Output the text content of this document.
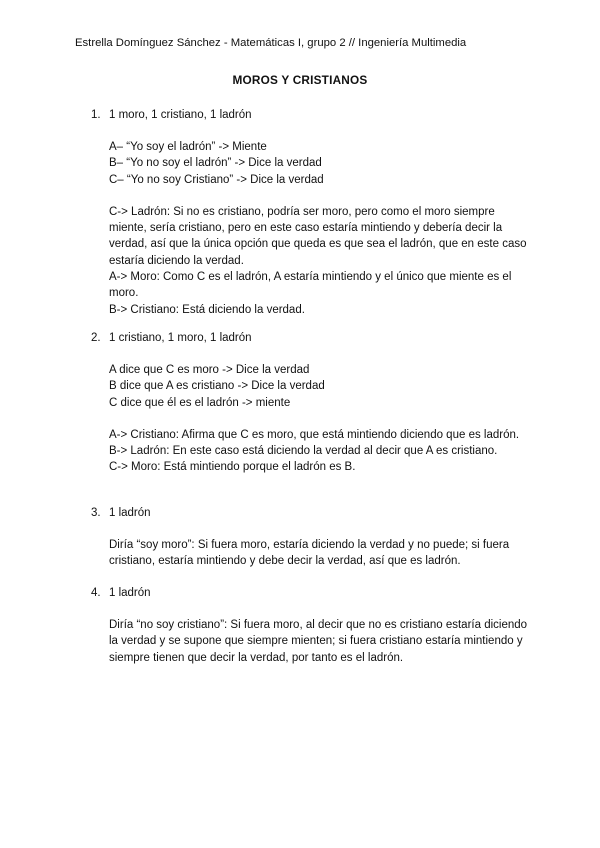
Estrella Domínguez Sánchez - Matemáticas I, grupo 2 // Ingeniería Multimedia
MOROS Y CRISTIANOS
1. 1 moro, 1 cristiano, 1 ladrón
A– “Yo soy el ladrón” -> Miente
B– “Yo no soy el ladrón” -> Dice la verdad
C– “Yo no soy Cristiano” -> Dice la verdad
C-> Ladrón: Si no es cristiano, podría ser moro, pero como el moro siempre miente, sería cristiano, pero en este caso estaría mintiendo y debería decir la verdad, así que la única opción que queda es que sea el ladrón, que en este caso estaría diciendo la verdad.
A-> Moro: Como C es el ladrón, A estaría mintiendo y el único que miente es el moro.
B-> Cristiano: Está diciendo la verdad.
2. 1 cristiano, 1 moro, 1 ladrón
A dice que C es moro -> Dice la verdad
B dice que A es cristiano -> Dice la verdad
C dice que él es el ladrón -> miente
A-> Cristiano: Afirma que C es moro, que está mintiendo diciendo que es ladrón.
B-> Ladrón: En este caso está diciendo la verdad al decir que A es cristiano.
C-> Moro: Está mintiendo porque el ladrón es B.
3. 1 ladrón
Diría “soy moro”: Si fuera moro, estaría diciendo la verdad y no puede; si fuera cristiano, estaría mintiendo y debe decir la verdad, así que es ladrón.
4. 1 ladrón
Diría “no soy cristiano”: Si fuera moro, al decir que no es cristiano estaría diciendo la verdad y se supone que siempre mienten; si fuera cristiano estaría mintiendo y siempre tienen que decir la verdad, por tanto es el ladrón.
